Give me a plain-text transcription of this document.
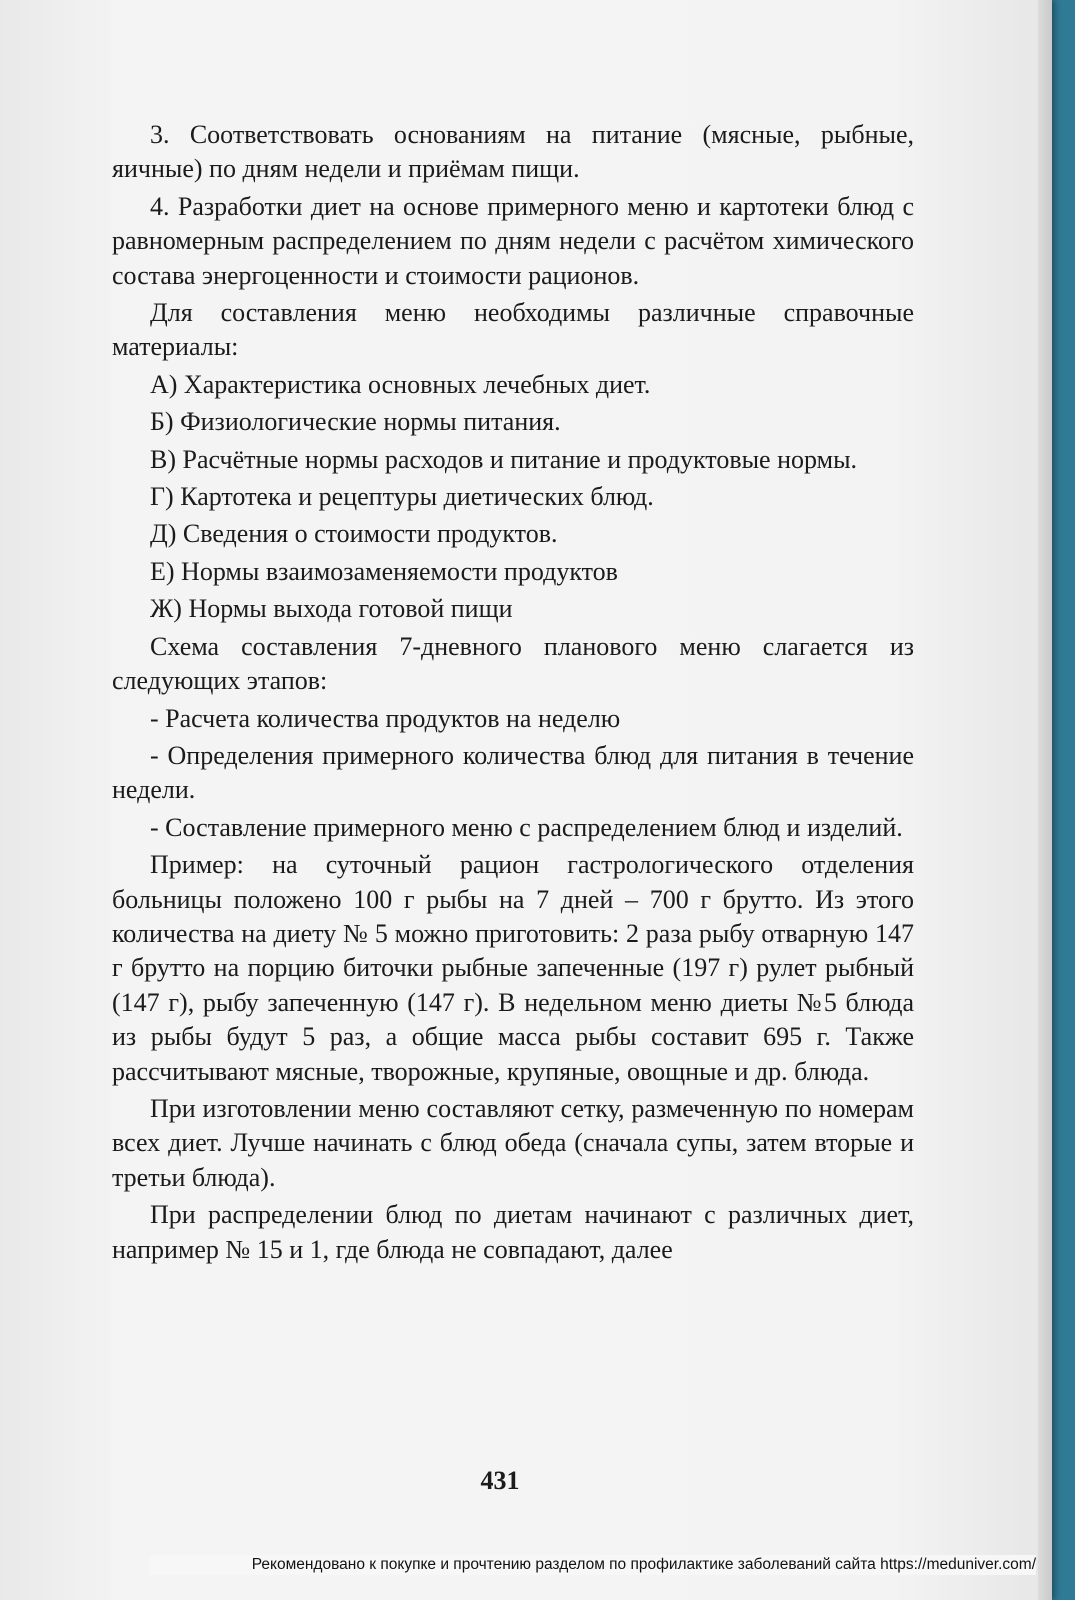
3. Соответствовать основаниям на питание (мясные, рыбные, яичные) по дням недели и приёмам пищи.

4. Разработки диет на основе примерного меню и картотеки блюд с равномерным распределением по дням недели с расчётом химического состава энергоценности и стоимости рационов.

Для составления меню необходимы различные справочные материалы:

А) Характеристика основных лечебных диет.

Б) Физиологические нормы питания.

В) Расчётные нормы расходов и питание и продуктовые нормы.

Г) Картотека и рецептуры диетических блюд.

Д) Сведения о стоимости продуктов.

Е) Нормы взаимозаменяемости продуктов

Ж) Нормы выхода готовой пищи

Схема составления 7-дневного планового меню слагается из следующих этапов:

- Расчета количества продуктов на неделю

- Определения примерного количества блюд для питания в течение недели.

- Составление примерного меню с распределением блюд и изделий.

Пример: на суточный рацион гастрологического отделения больницы положено 100 г рыбы на 7 дней – 700 г брутто. Из этого количества на диету № 5 можно приготовить: 2 раза рыбу отварную 147 г брутто на порцию биточки рыбные запеченные (197 г) рулет рыбный (147 г), рыбу запеченную (147 г). В недельном меню диеты №5 блюда из рыбы будут 5 раз, а общие масса рыбы составит 695 г. Также рассчитывают мясные, творожные, крупяные, овощные и др. блюда.

При изготовлении меню составляют сетку, размеченную по номерам всех диет. Лучше начинать с блюд обеда (сначала супы, затем вторые и третьи блюда).

При распределении блюд по диетам начинают с различных диет, например № 15 и 1, где блюда не совпадают, далее

431
Рекомендовано к покупке и прочтению разделом по профилактике заболеваний сайта https://meduniver.com/
